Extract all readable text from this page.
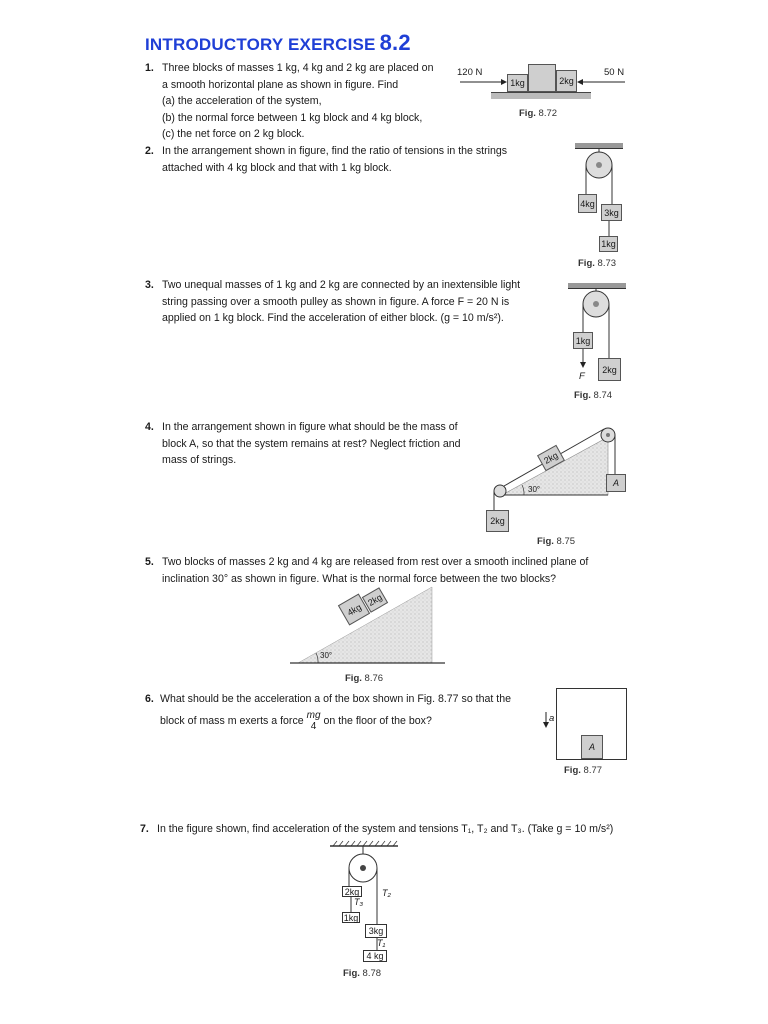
INTRODUCTORY EXERCISE 8.2
1. Three blocks of masses 1 kg, 4 kg and 2 kg are placed on
a smooth horizontal plane as shown in figure. Find
(a) the acceleration of the system,
(b) the normal force between 1 kg block and 4 kg block,
(c) the net force on 2 kg block.
120 N	50 N
1kg	2kg
Fig. 8.72
2. In the arrangement shown in figure, find the ratio of tensions in the strings
attached with 4 kg block and that with 1 kg block.
4kg
3kg
1kg
Fig. 8.73
3. Two unequal masses of 1 kg and 2 kg are connected by an inextensible light
string passing over a smooth pulley as shown in figure. A force F = 20 N is
applied on 1 kg block. Find the acceleration of either block. (g = 10 m/s²).
1kg
2kg
F
Fig. 8.74
4. In the arrangement shown in figure what should be the mass of
block A, so that the system remains at rest? Neglect friction and
mass of strings.	2kg
A
2kg
30°
Fig. 8.75
5. Two blocks of masses 2 kg and 4 kg are released from rest over a smooth inclined plane of
inclination 30° as shown in figure. What is the normal force between the two blocks?
4kg
2kg
30°
Fig. 8.76
6. What should be the acceleration a of the box shown in Fig. 8.77 so that the
block of mass m exerts a force mg
4 on the floor of the box?
A
a
Fig. 8.77
7. In the figure shown, find acceleration of the system and tensions T₁, T₂ and T₃. (Take g = 10 m/s²)
2kg
T₃
1kg
T₂
3kg
T₁
4 kg
Fig. 8.78
